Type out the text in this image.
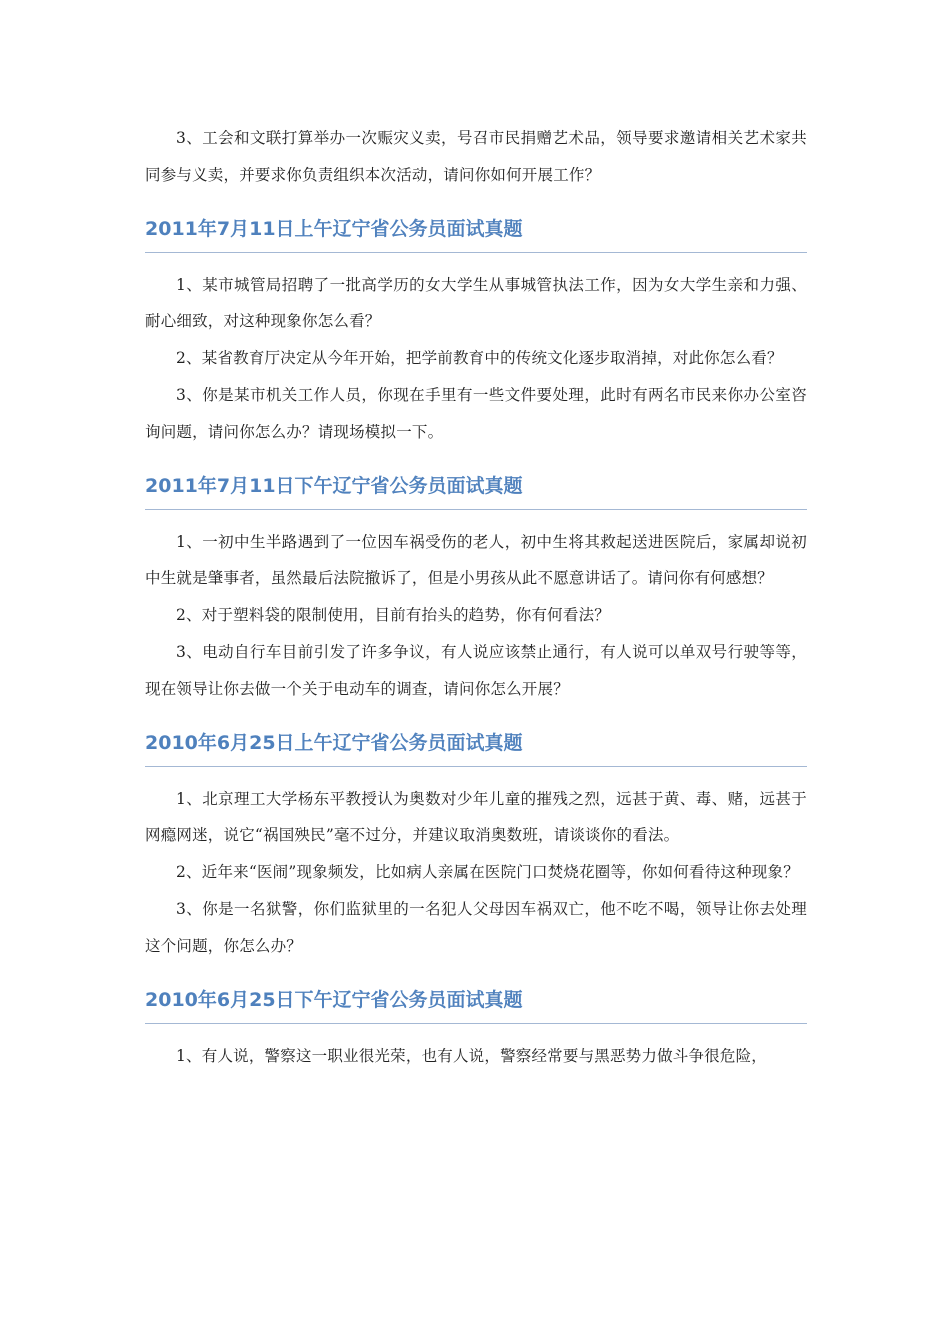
3、工会和文联打算举办一次赈灾义卖，号召市民捐赠艺术品，领导要求邀请相关艺术家共同参与义卖，并要求你负责组织本次活动，请问你如何开展工作？

2011年7月11日上午辽宁省公务员面试真题

1、某市城管局招聘了一批高学历的女大学生从事城管执法工作，因为女大学生亲和力强、耐心细致，对这种现象你怎么看？

2、某省教育厅决定从今年开始，把学前教育中的传统文化逐步取消掉，对此你怎么看？

3、你是某市机关工作人员，你现在手里有一些文件要处理，此时有两名市民来你办公室咨询问题，请问你怎么办？请现场模拟一下。

2011年7月11日下午辽宁省公务员面试真题

1、一初中生半路遇到了一位因车祸受伤的老人，初中生将其救起送进医院后，家属却说初中生就是肇事者，虽然最后法院撤诉了，但是小男孩从此不愿意讲话了。请问你有何感想？

2、对于塑料袋的限制使用，目前有抬头的趋势，你有何看法？

3、电动自行车目前引发了许多争议，有人说应该禁止通行，有人说可以单双号行驶等等，现在领导让你去做一个关于电动车的调查，请问你怎么开展？

2010年6月25日上午辽宁省公务员面试真题

1、北京理工大学杨东平教授认为奥数对少年儿童的摧残之烈，远甚于黄、毒、赌，远甚于网瘾网迷，说它“祸国殃民”毫不过分，并建议取消奥数班，请谈谈你的看法。

2、近年来“医闹”现象频发，比如病人亲属在医院门口焚烧花圈等，你如何看待这种现象？

3、你是一名狱警，你们监狱里的一名犯人父母因车祸双亡，他不吃不喝，领导让你去处理这个问题，你怎么办？

2010年6月25日下午辽宁省公务员面试真题

1、有人说，警察这一职业很光荣，也有人说，警察经常要与黑恶势力做斗争很危险，
